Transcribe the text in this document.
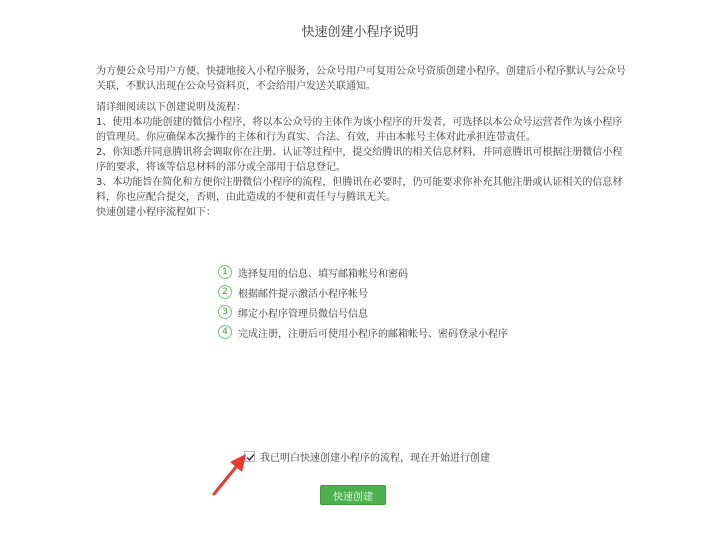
快速创建小程序说明

为方便公众号用户方便、快捷地接入小程序服务，公众号用户可复用公众号资质创建小程序。创建后小程序默认与公众号关联，不默认出现在公众号资料页，不会给用户发送关联通知。

请详细阅读以下创建说明及流程：

1、使用本功能创建的微信小程序，将以本公众号的主体作为该小程序的开发者，可选择以本公众号运营者作为该小程序的管理员。你应确保本次操作的主体和行为真实、合法、有效，并由本帐号主体对此承担连带责任。

2、你知悉并同意腾讯将会调取你在注册、认证等过程中，提交给腾讯的相关信息材料，并同意腾讯可根据注册微信小程序的要求，将该等信息材料的部分或全部用于信息登记。

3、本功能旨在简化和方便你注册微信小程序的流程，但腾讯在必要时，仍可能要求你补充其他注册或认证相关的信息材料，你也应配合提交，否则，由此造成的不便和责任与与腾讯无关。

快速创建小程序流程如下：
1	选择复用的信息、填写邮箱帐号和密码
2	根据邮件提示激活小程序帐号
3	绑定小程序管理员微信号信息
4	完成注册，注册后可使用小程序的邮箱帐号、密码登录小程序
我已明白快速创建小程序的流程，现在开始进行创建
快速创建
